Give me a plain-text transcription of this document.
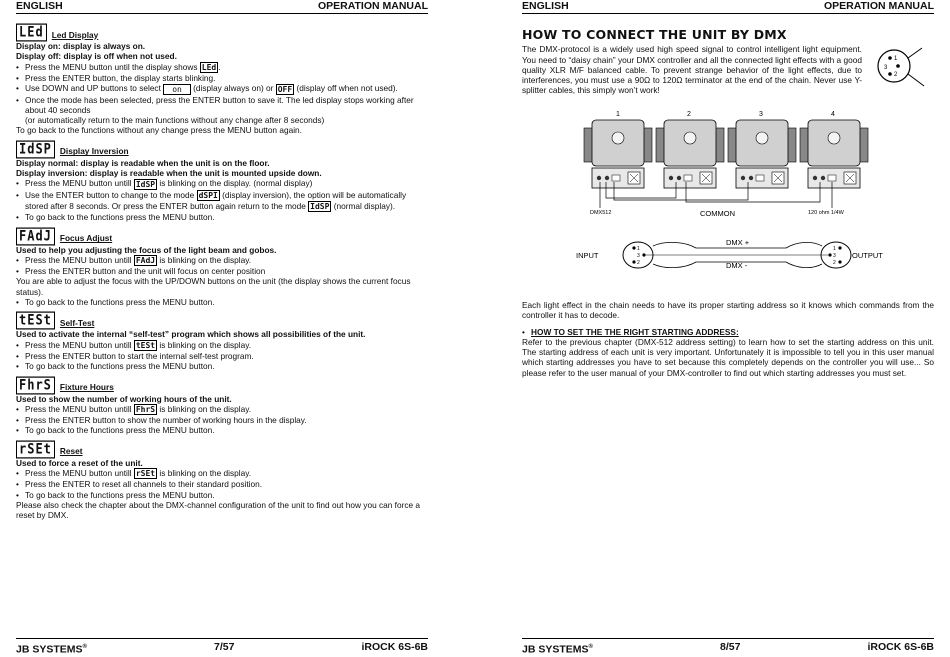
ENGLISH	OPERATION MANUAL
LEd Led Display
Display on: display is always on.
Display off: display is off when not used.
• Press the MENU button until the display shows LEd .
• Press the ENTER button, the display starts blinking.
• Use DOWN and UP buttons to select on (display always on) or OFF (display off when not used).
• Once the mode has been selected, press the ENTER button to save it. The led display stops working after about 40 seconds
(or automatically return to the main functions without any change after 8 seconds)
To go back to the functions without any change press the MENU button again.
IdSP Display Inversion
Display normal: display is readable when the unit is on the floor.
Display inversion: display is readable when the unit is mounted upside down.
• Press the MENU button untill IdSP is blinking on the display. (normal display)
• Use the ENTER button to change to the mode dSPI (display inversion), the option will be automatically stored after 8 seconds. Or press the ENTER button again return to the mode IdSP (normal display).
• To go back to the functions press the MENU button.
FAdJ Focus Adjust
Used to help you adjusting the focus of the light beam and gobos.
• Press the MENU button untill FAdJ is blinking on the display.
• Press the ENTER button and the unit will focus on center position
You are able to adjust the focus with the UP/DOWN buttons on the unit (the display shows the current focus status).
• To go back to the functions press the MENU button.
tESt Self-Test
Used to activate the internal “self-test” program which shows all possibilities of the unit.
• Press the MENU button untill tESt is blinking on the display.
• Press the ENTER button to start the internal self-test program.
• To go back to the functions press the MENU button.
FhrS Fixture Hours
Used to show the number of working hours of the unit.
• Press the MENU button untill FhrS is blinking on the display.
• Press the ENTER button to show the number of working hours in the display.
• To go back to the functions press the MENU button.
rSEt Reset
Used to force a reset of the unit.
• Press the MENU button untill rSEt is blinking on the display.
• Press the ENTER to reset all channels to their standard position.
• To go back to the functions press the MENU button.
Please also check the chapter about the DMX-channel configuration of the unit to find out how you can force a reset by DMX.
JB SYSTEMS®	7/57	iROCK 6S-6B
ENGLISH	OPERATION MANUAL
HOW TO CONNECT THE UNIT BY DMX
The DMX-protocol is a widely used high speed signal to control intelligent light equipment. You need to “daisy chain” your DMX controller and all the connected light effects with a good quality XLR M/F balanced cable. To prevent strange behavior of the light effects, due to interferences, you must use a 90Ω to 120Ω terminator at the end of the chain. Never use Y-splitter cables, this simply won’t work!
1
3
2
1	2	3	4
DMX512	COMMON	120 ohm 1/4W
INPUT
1
3
2
DMX +
DMX -
1
3
2
OUTPUT
Each light effect in the chain needs to have its proper starting address so it knows which commands from the controller it has to decode.
• HOW TO SET THE THE RIGHT STARTING ADDRESS:
Refer to the previous chapter (DMX-512 address setting) to learn how to set the starting address on this unit. The starting address of each unit is very important. Unfortunately it is impossible to tell you in this user manual which starting addresses you have to set because this completely depends on the controller you will use... So please refer to the user manual of your DMX-controller to find out which starting addresses you must set.
JB SYSTEMS®	8/57	iROCK 6S-6B
